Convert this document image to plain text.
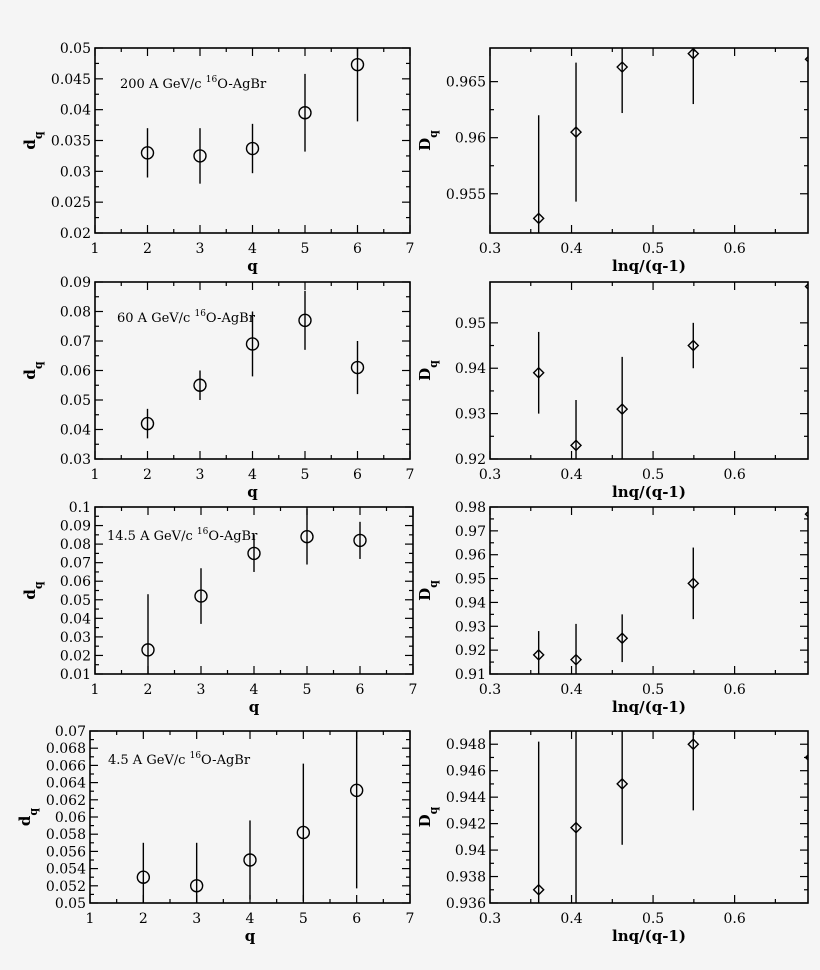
1	2	3	4	5	6	7
0.02
0.025
0.03
0.035
0.04
0.045
0.05
q
$d_q$
200 A GeV/c $^{16}$O-AgBr
0.3	0.4	0.5	0.6
0.955
0.96
0.965
lnq/(q-1)
$D_q$
1	2	3	4	5	6	7
0.03
0.04
0.05
0.06
0.07
0.08
0.09
q
$d_q$
60 A GeV/c $^{16}$O-AgBr
0.3	0.4	0.5	0.6
0.92
0.93
0.94
0.95
lnq/(q-1)
$D_q$
1	2	3	4	5	6	7
0.01
0.02
0.03
0.04
0.05
0.06
0.07
0.08
0.09
0.1
q
$d_q$
14.5 A GeV/c $^{16}$O-AgBr
0.3	0.4	0.5	0.6
0.91
0.92
0.93
0.94
0.95
0.96
0.97
0.98
lnq/(q-1)
$D_q$
1	2	3	4	5	6	7
0.05
0.052
0.054
0.056
0.058
0.06
0.062
0.064
0.066
0.068
0.07
q
$d_q$
4.5 A GeV/c $^{16}$O-AgBr
0.3	0.4	0.5	0.6
0.936
0.938
0.94
0.942
0.944
0.946
0.948
lnq/(q-1)
$D_q$
